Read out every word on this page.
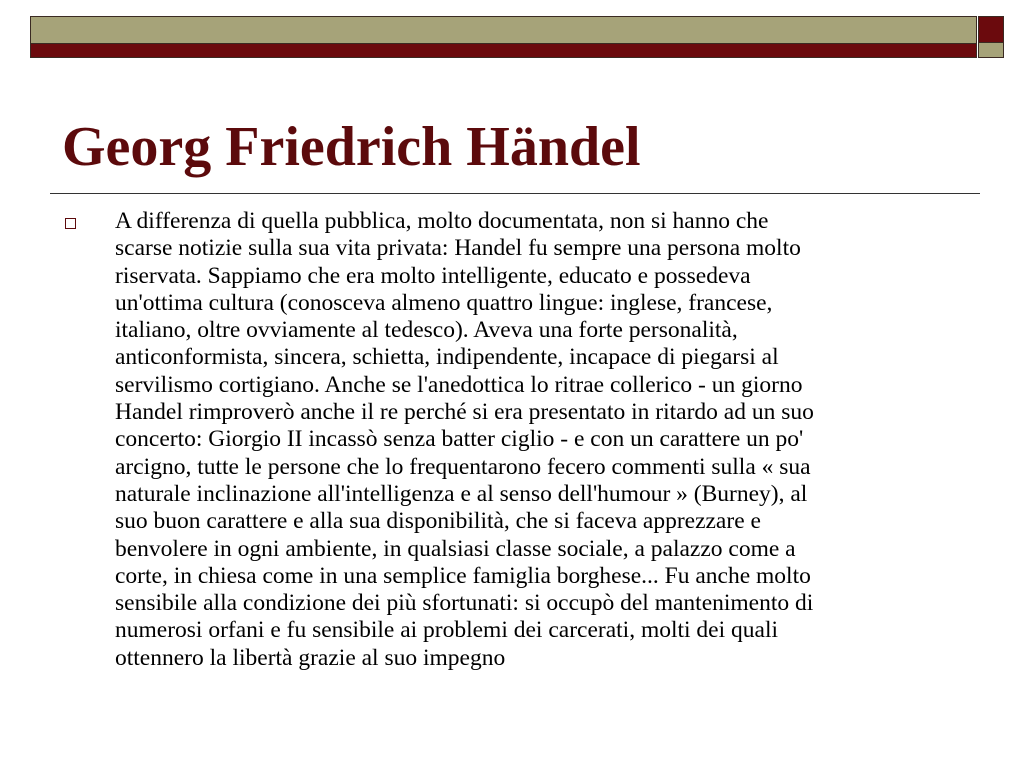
Georg Friedrich Händel

A differenza di quella pubblica, molto documentata, non si hanno che
scarse notizie sulla sua vita privata: Handel fu sempre una persona molto
riservata. Sappiamo che era molto intelligente, educato e possedeva
un'ottima cultura (conosceva almeno quattro lingue: inglese, francese,
italiano, oltre ovviamente al tedesco). Aveva una forte personalità,
anticonformista, sincera, schietta, indipendente, incapace di piegarsi al
servilismo cortigiano. Anche se l'anedottica lo ritrae collerico - un giorno
Handel rimproverò anche il re perché si era presentato in ritardo ad un suo
concerto: Giorgio II incassò senza batter ciglio - e con un carattere un po'
arcigno, tutte le persone che lo frequentarono fecero commenti sulla « sua
naturale inclinazione all'intelligenza e al senso dell'humour » (Burney), al
suo buon carattere e alla sua disponibilità, che si faceva apprezzare e
benvolere in ogni ambiente, in qualsiasi classe sociale, a palazzo come a
corte, in chiesa come in una semplice famiglia borghese... Fu anche molto
sensibile alla condizione dei più sfortunati: si occupò del mantenimento di
numerosi orfani e fu sensibile ai problemi dei carcerati, molti dei quali
ottennero la libertà grazie al suo impegno
